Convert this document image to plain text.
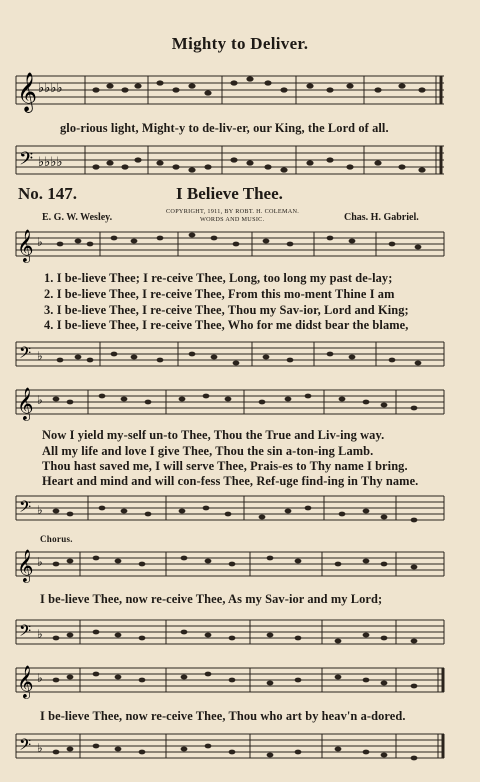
Mighty to Deliver.
𝄞 ♭♭♭♭
glo-rious light, Might-y to de-liv-er, our King, the Lord of all.
𝄢 ♭♭♭♭
No. 147.	I Believe Thee.
COPYRIGHT, 1911, BY ROBT. H. COLEMAN.
WORDS AND MUSIC.
E. G. W. Wesley.	Chas. H. Gabriel.
𝄞 ♭
1. I be-lieve Thee; I re-ceive Thee, Long, too long my past de-lay;
2. I be-lieve Thee, I re-ceive Thee, From this mo-ment Thine I am
3. I be-lieve Thee, I re-ceive Thee, Thou my Sav-ior, Lord and King;
4. I be-lieve Thee, I re-ceive Thee, Who for me didst bear the blame,
𝄢 ♭
𝄞 ♭
Now I yield my-self un-to Thee, Thou the True and Liv-ing way.
All my life and love I give Thee, Thou the sin a-ton-ing Lamb.
Thou hast saved me, I will serve Thee, Prais-es to Thy name I bring.
Heart and mind and will con-fess Thee, Ref-uge find-ing in Thy name.
𝄢 ♭
Chorus.
𝄞 ♭
I be-lieve Thee, now re-ceive Thee, As my Sav-ior and my Lord;
𝄢 ♭
𝄞 ♭
I be-lieve Thee, now re-ceive Thee, Thou who art by heav'n a-dored.
𝄢 ♭
